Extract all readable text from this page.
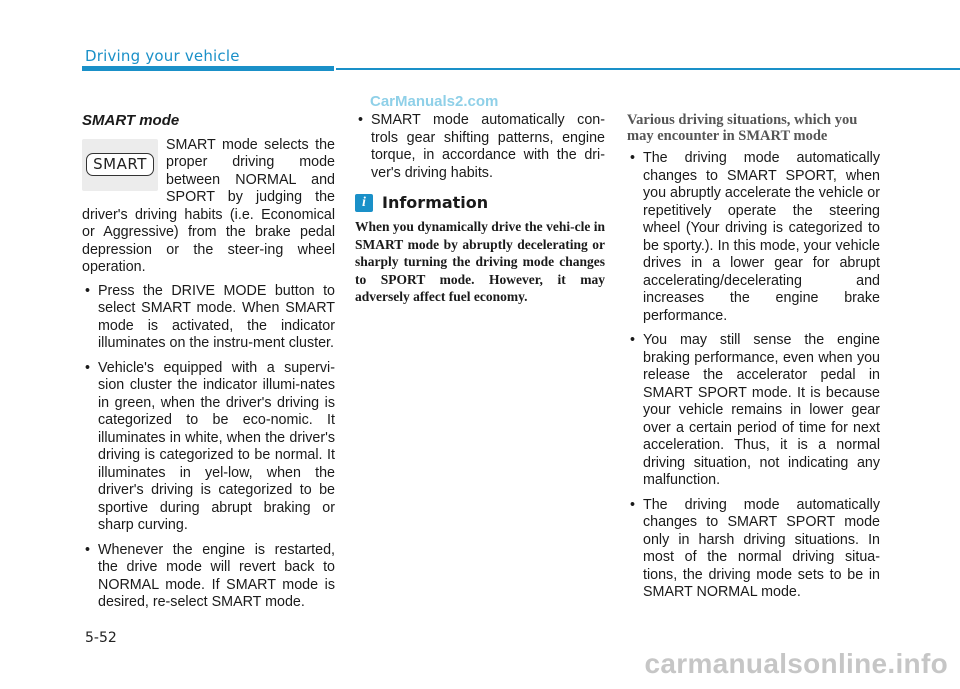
Driving your vehicle
CarManuals2.com
SMART mode
SMART

SMART mode selects the proper driving mode between NORMAL and SPORT by judging the driver's driving habits (i.e. Economical or Aggressive) from the brake pedal depression or the steer-ing wheel operation.

• Press the DRIVE MODE button to select SMART mode. When SMART mode is activated, the indicator illuminates on the instru-ment cluster.
• Vehicle's equipped with a supervi-sion cluster the indicator illumi-nates in green, when the driver's driving is categorized to be eco-nomic. It illuminates in white, when the driver's driving is categorized to be normal. It illuminates in yel-low, when the driver's driving is categorized to be sportive during abrupt braking or sharp curving.
• Whenever the engine is restarted, the drive mode will revert back to NORMAL mode. If SMART mode is desired, re-select SMART mode.
• SMART mode automatically con-trols gear shifting patterns, engine torque, in accordance with the dri-ver's driving habits.
i	Information

When you dynamically drive the vehi-cle in SMART mode by abruptly decelerating or sharply turning the driving mode changes to SPORT mode. However, it may adversely affect fuel economy.

Various driving situations, which you may encounter in SMART mode
• The driving mode automatically changes to SMART SPORT, when you abruptly accelerate the vehicle or repetitively operate the steering wheel (Your driving is categorized to be sporty.). In this mode, your vehicle drives in a lower gear for abrupt accelerating/decelerating and increases the engine brake performance.
• You may still sense the engine braking performance, even when you release the accelerator pedal in SMART SPORT mode. It is because your vehicle remains in lower gear over a certain period of time for next acceleration. Thus, it is a normal driving situation, not indicating any malfunction.
• The driving mode automatically changes to SMART SPORT mode only in harsh driving situations. In most of the normal driving situa-tions, the driving mode sets to be in SMART NORMAL mode.
5-52
carmanualsonline.info
